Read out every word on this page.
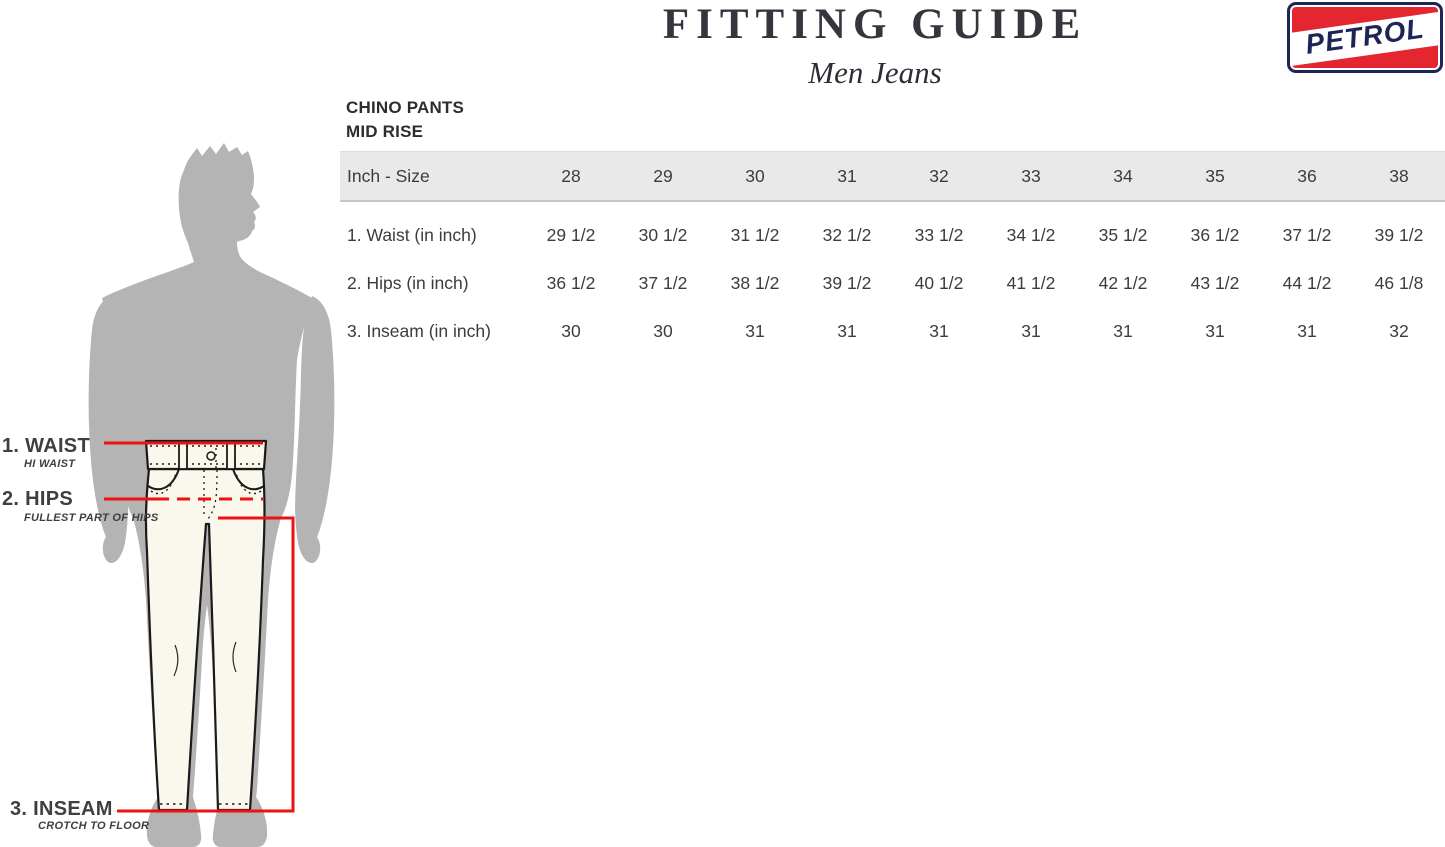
1. WAIST
HI WAIST
2. HIPS
FULLEST PART OF HIPS
3. INSEAM
CROTCH TO FLOOR
FITTING GUIDE
Men Jeans
PETROL
CHINO PANTS
MID RISE
Inch - Size	28	29	30	31	32	33	34	35	36	38
1. Waist (in inch)	29 1/2	30 1/2	31 1/2	32 1/2	33 1/2	34 1/2	35 1/2	36 1/2	37 1/2	39 1/2
2. Hips (in inch)	36 1/2	37 1/2	38 1/2	39 1/2	40 1/2	41 1/2	42 1/2	43 1/2	44 1/2	46 1/8
3. Inseam (in inch)	30	30	31	31	31	31	31	31	31	32
